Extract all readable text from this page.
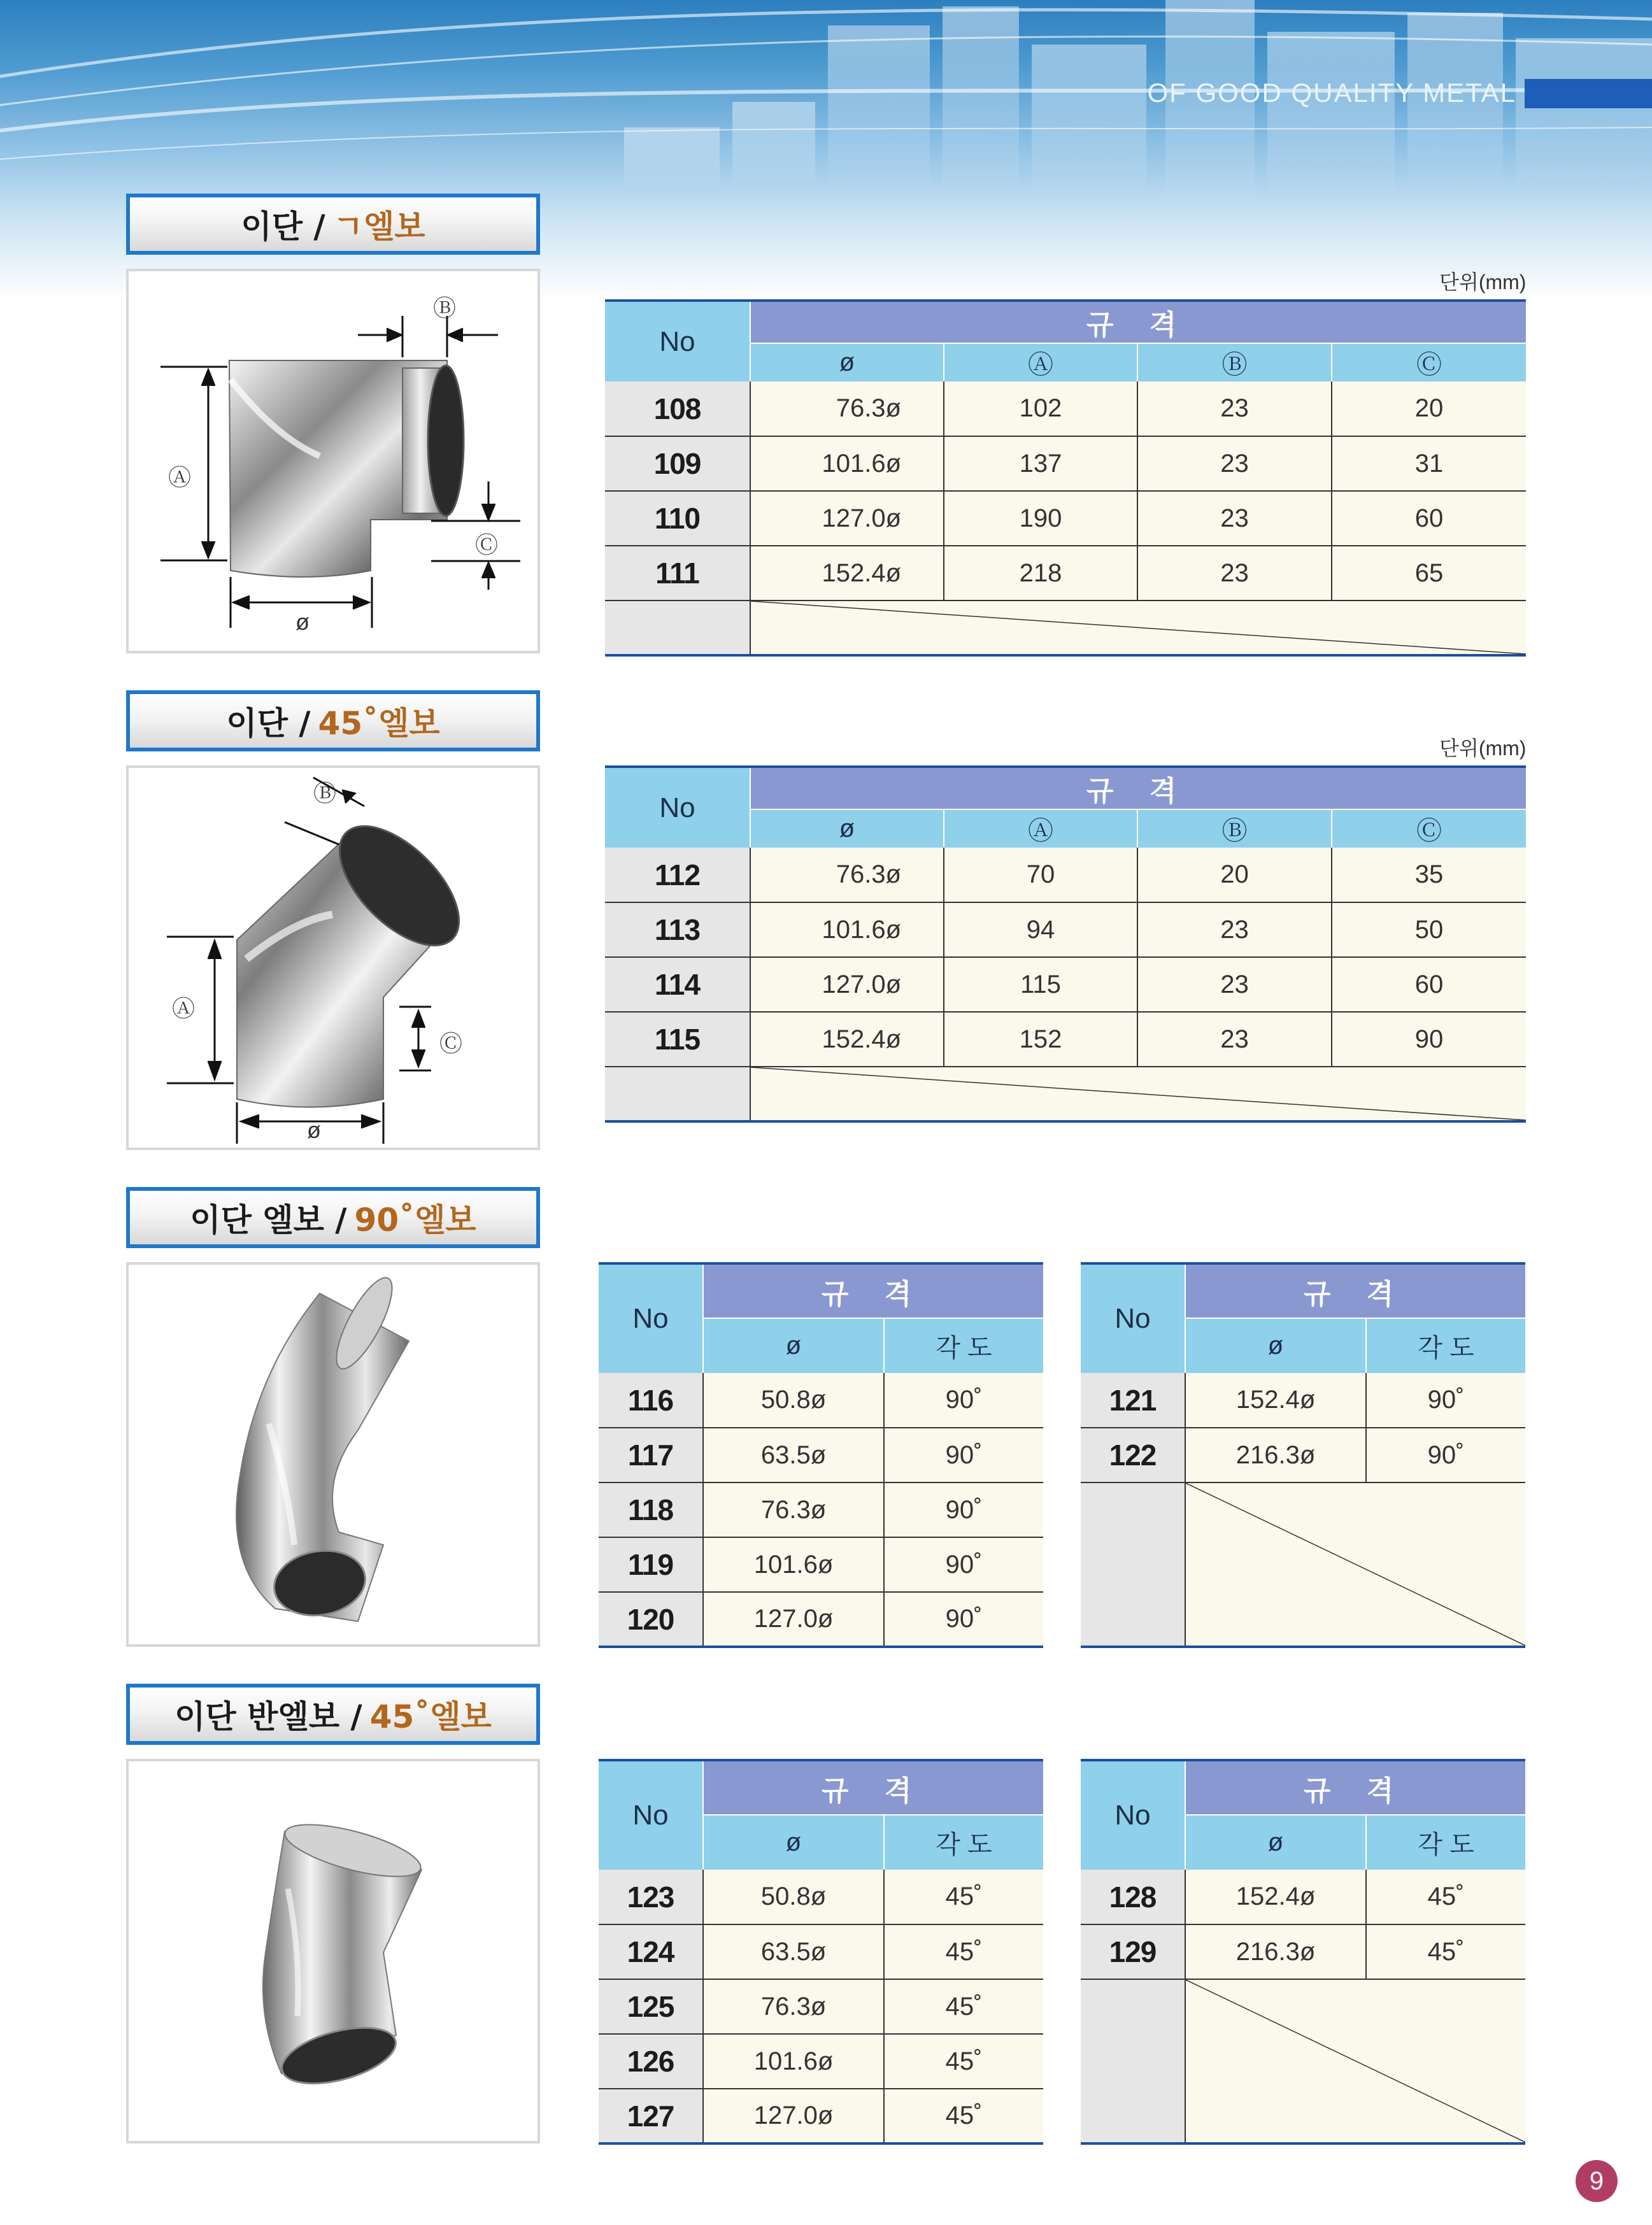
OF GOOD QUALITY METAL
이단 / ㄱ엘보
Ⓐ
Ⓑ
Ⓒ
ø
단위(mm)
No	규 격			
	ø	Ⓐ	Ⓑ	Ⓒ
108	76.3ø	102	23	20
109	101.6ø	137	23	31
110	127.0ø	190	23	60
111	152.4ø	218	23	65

이단 / 45˚엘보
Ⓐ
Ⓑ
Ⓒ
ø
단위(mm)
No	규 격			
	ø	Ⓐ	Ⓑ	Ⓒ
112	76.3ø	70	20	35
113	101.6ø	94	23	50
114	127.0ø	115	23	60
115	152.4ø	152	23	90

이단 엘보 / 90˚엘보
No	규 격	
	ø	각 도
116	50.8ø	90˚
117	63.5ø	90˚
118	76.3ø	90˚
119	101.6ø	90˚
120	127.0ø	90˚
No	규 격	
	ø	각 도
121	152.4ø	90˚
122	216.3ø	90˚

이단 반엘보 / 45˚엘보
No	규 격	
	ø	각 도
123	50.8ø	45˚
124	63.5ø	45˚
125	76.3ø	45˚
126	101.6ø	45˚
127	127.0ø	45˚
No	규 격	
	ø	각 도
128	152.4ø	45˚
129	216.3ø	45˚

9
